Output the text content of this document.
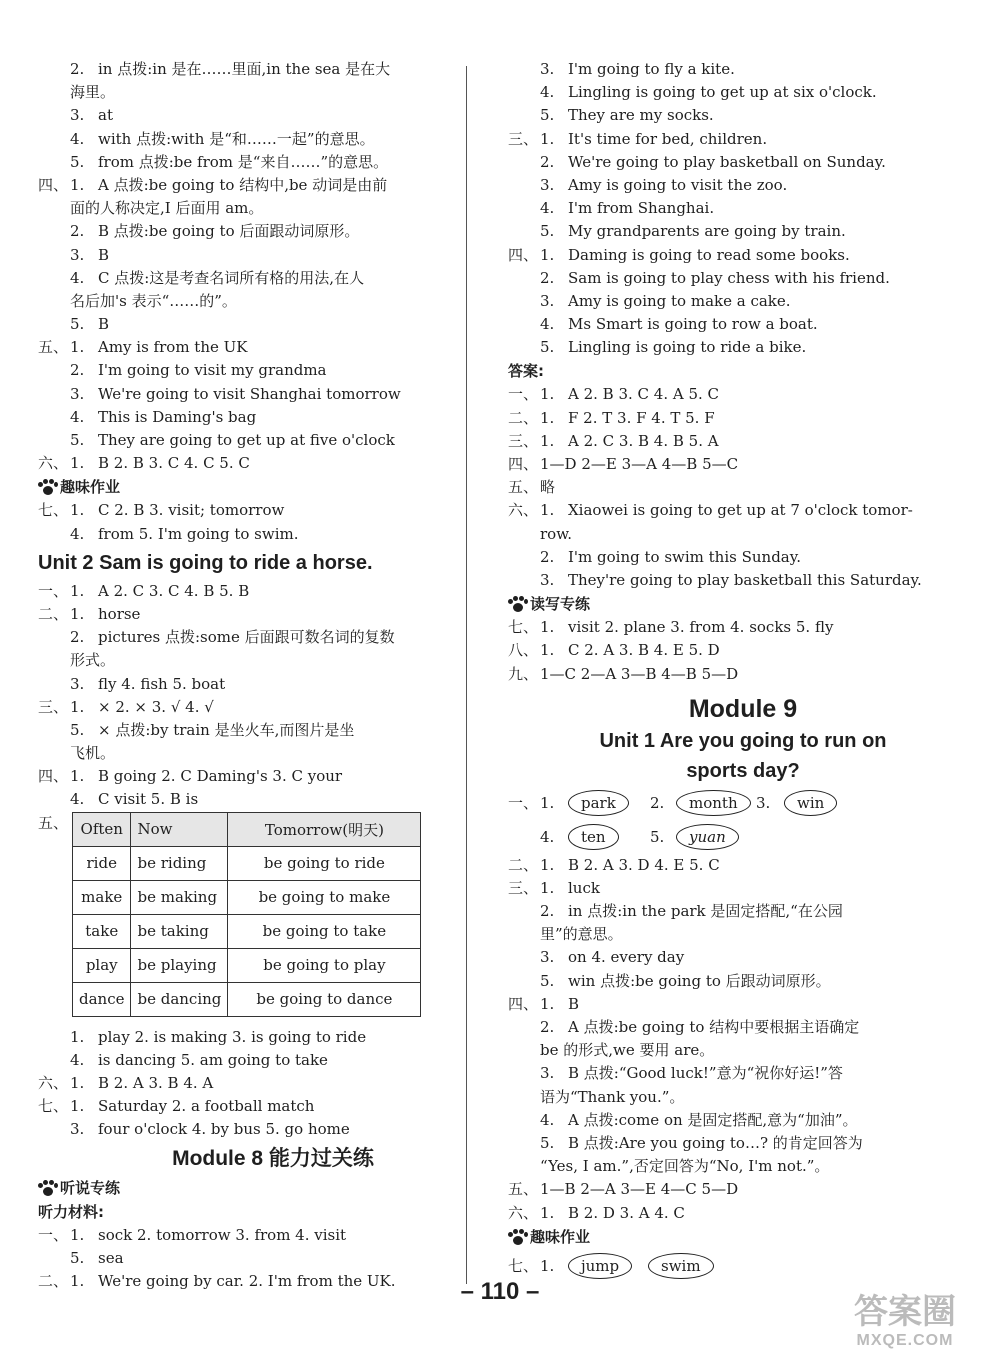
2. in 点拨:in 是在……里面,in the sea 是在大
海里。
3. at
4. with 点拨:with 是“和……一起”的意思。
5. from 点拨:be from 是“来自……”的意思。
四、 1. A 点拨:be going to 结构中,be 动词是由前
面的人称决定,I 后面用 am。
2. B 点拨:be going to 后面跟动词原形。
3. B
4. C 点拨:这是考查名词所有格的用法,在人
名后加's 表示“……的”。
5. B
五、 1. Amy is from the UK
2. I'm going to visit my grandma
3. We're going to visit Shanghai tomorrow
4. This is Daming's bag
5. They are going to get up at five o'clock
六、 1. B 2. B 3. C 4. C 5. C
趣味作业
七、 1. C 2. B 3. visit; tomorrow
4. from 5. I'm going to swim.
Unit 2 Sam is going to ride a horse.
一、 1. A 2. C 3. C 4. B 5. B
二、 1. horse
2. pictures 点拨:some 后面跟可数名词的复数
形式。
3. fly 4. fish 5. boat
三、 1. × 2. × 3. √ 4. √
5. × 点拨:by train 是坐火车,而图片是坐
飞机。
四、 1. B going 2. C Daming's 3. C your
4. C visit 5. B is
五、 Often	Now	Tomorrow(明天)
ride	be riding	be going to ride
make	be making	be going to make
take	be taking	be going to take
play	be playing	be going to play
dance	be dancing	be going to dance
1. play 2. is making 3. is going to ride
4. is dancing 5. am going to take
六、 1. B 2. A 3. B 4. A
七、 1. Saturday 2. a football match
3. four o'clock 4. by bus 5. go home
Module 8 能力过关练
听说专练
听力材料:
一、 1. sock 2. tomorrow 3. from 4. visit
5. sea
二、 1. We're going by car. 2. I'm from the UK.
3. I'm going to fly a kite.
4. Lingling is going to get up at six o'clock.
5. They are my socks.
三、 1. It's time for bed, children.
2. We're going to play basketball on Sunday.
3. Amy is going to visit the zoo.
4. I'm from Shanghai.
5. My grandparents are going by train.
四、 1. Daming is going to read some books.
2. Sam is going to play chess with his friend.
3. Amy is going to make a cake.
4. Ms Smart is going to row a boat.
5. Lingling is going to ride a bike.
答案:
一、 1. A 2. B 3. C 4. A 5. C
二、 1. F 2. T 3. F 4. T 5. F
三、 1. A 2. C 3. B 4. B 5. A
四、 1—D 2—E 3—A 4—B 5—C
五、 略
六、 1. Xiaowei is going to get up at 7 o'clock tomor-
row.
2. I'm going to swim this Sunday.
3. They're going to play basketball this Saturday.
读写专练
七、 1. visit 2. plane 3. from 4. socks 5. fly
八、 1. C 2. A 3. B 4. E 5. D
九、 1—C 2—A 3—B 4—B 5—D
Module 9
Unit 1 Are you going to run on
sports day?
一、 1.	park	2.	month	3.	win
4.	ten	5.	yuan
二、 1. B 2. A 3. D 4. E 5. C
三、 1. luck
2. in 点拨:in the park 是固定搭配,“在公园
里”的意思。
3. on 4. every day
5. win 点拨:be going to 后跟动词原形。
四、 1. B
2. A 点拨:be going to 结构中要根据主语确定
be 的形式,we 要用 are。
3. B 点拨:“Good luck!”意为“祝你好运!”答
语为“Thank you.”。
4. A 点拨:come on 是固定搭配,意为“加油”。
5. B 点拨:Are you going to…? 的肯定回答为
“Yes, I am.”,否定回答为“No, I'm not.”。
五、 1—B 2—A 3—E 4—C 5—D
六、 1. B 2. D 3. A 4. C
趣味作业
七、 1.	jump	swim
– 110 –
答案圈
MXQE.COM
